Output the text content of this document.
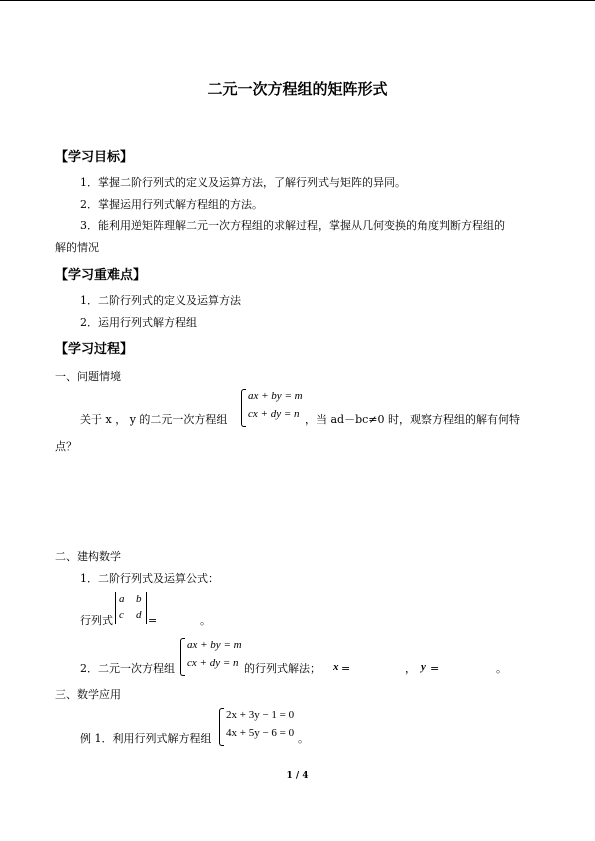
二元一次方程组的矩阵形式
【学习目标】
1．掌握二阶行列式的定义及运算方法，了解行列式与矩阵的异同。
2．掌握运用行列式解方程组的方法。
3．能利用逆矩阵理解二元一次方程组的求解过程，掌握从几何变换的角度判断方程组的
解的情况
【学习重难点】
1．二阶行列式的定义及运算方法
2．运用行列式解方程组
【学习过程】
一、问题情境
关于 x ， y 的二元一次方程组
ax + by = m
cx + dy = n ，当 ad－bc≠0 时，观察方程组的解有何特
点？
二、建构数学
1．二阶行列式及运算公式：
行列式
a b
c d =	。
2．二元一次方程组
ax + by = m
cx + dy = n 的行列式解法； x =	， y =	。
三、数学应用
例 1．利用行列式解方程组
2x + 3y − 1 = 0
4x + 5y − 6 = 0 。
1 / 4
